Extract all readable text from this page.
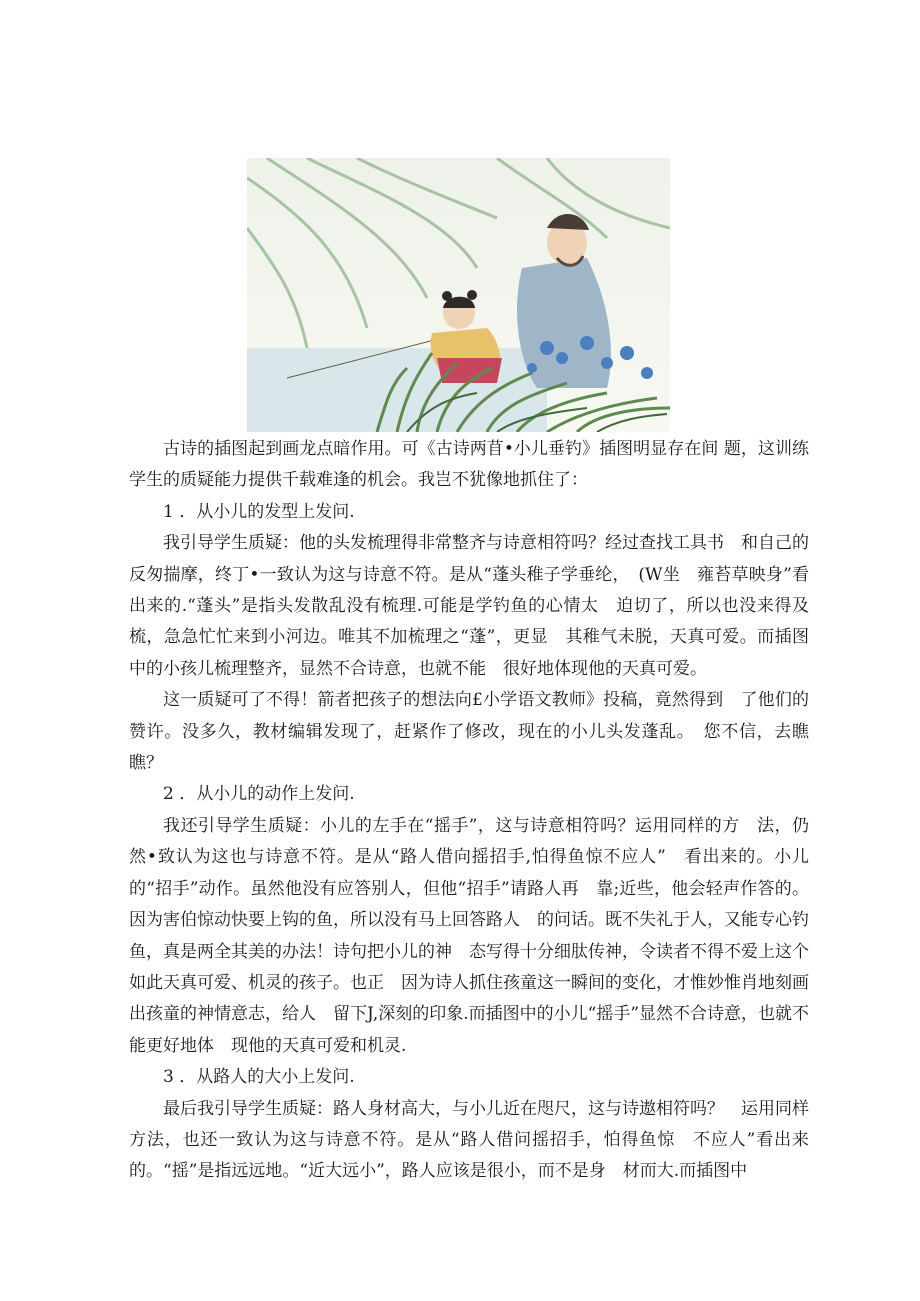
古诗的插图起到画龙点暗作用。可《古诗两苜•小儿垂钓》插图明显存在间 题，这训练学生的质疑能力提供千载难逢的机会。我岂不犹像地抓住了：

1 ．从小儿的发型上发问.

我引导学生质疑：他的头发梳理得非常整齐与诗意相符吗？经过查找工具书　和自己的反匆揣摩，终丁•一致认为这与诗意不符。是从“蓬头稚子学垂纶，　(W坐　雍苔草映身”看出来的.“蓬头”是指头发散乱没有梳理.可能是学钓鱼的心情太　迫切了，所以也没来得及梳，急急忙忙来到小河边。唯其不加梳理之“蓬”，更显　其稚气未脱，天真可爱。而插图中的小孩儿梳理整齐，显然不合诗意，也就不能　很好地体现他的天真可爱。

这一质疑可了不得！箭者把孩子的想法向£小学语文教师》投稿，竟然得到　了他们的赞许。没多久，教材编辑发现了，赶紧作了修改，现在的小儿头发蓬乱。　您不信，去瞧瞧？

2 ．从小儿的动作上发问.

我还引导学生质疑：小儿的左手在“摇手”，这与诗意相符吗？运用同样的方　法，仍然•致认为这也与诗意不符。是从“路人借向摇招手,怕得鱼惊不应人”　看出来的。小儿的“招手”动作。虽然他没有应答别人，但他“招手”请路人再　靠;近些，他会轻声作答的。因为害伯惊动快要上钩的鱼，所以没有马上回答路人　的问话。既不失礼于人，又能专心钓鱼，真是两全其美的办法！诗句把小儿的神　态写得十分细肽传神，令读者不得不爱上这个如此天真可爱、机灵的孩子。也正　因为诗人抓住孩童这一瞬间的变化，才惟妙惟肖地刻画出孩童的神情意志，给人　留下J,深刻的印象.而插图中的小儿“摇手”显然不合诗意，也就不能更好地体　现他的天真可爱和机灵.

3 ．从路人的大小上发问.

最后我引导学生质疑：路人身材高大，与小儿近在咫尺，这与诗遨相符吗？　运用同样方法，也还一致认为这与诗意不符。是从“路人借问摇招手，怕得鱼惊　不应人”看出来的。“摇”是指远远地。“近大远小”，路人应该是很小，而不是身　材而大.而插图中
